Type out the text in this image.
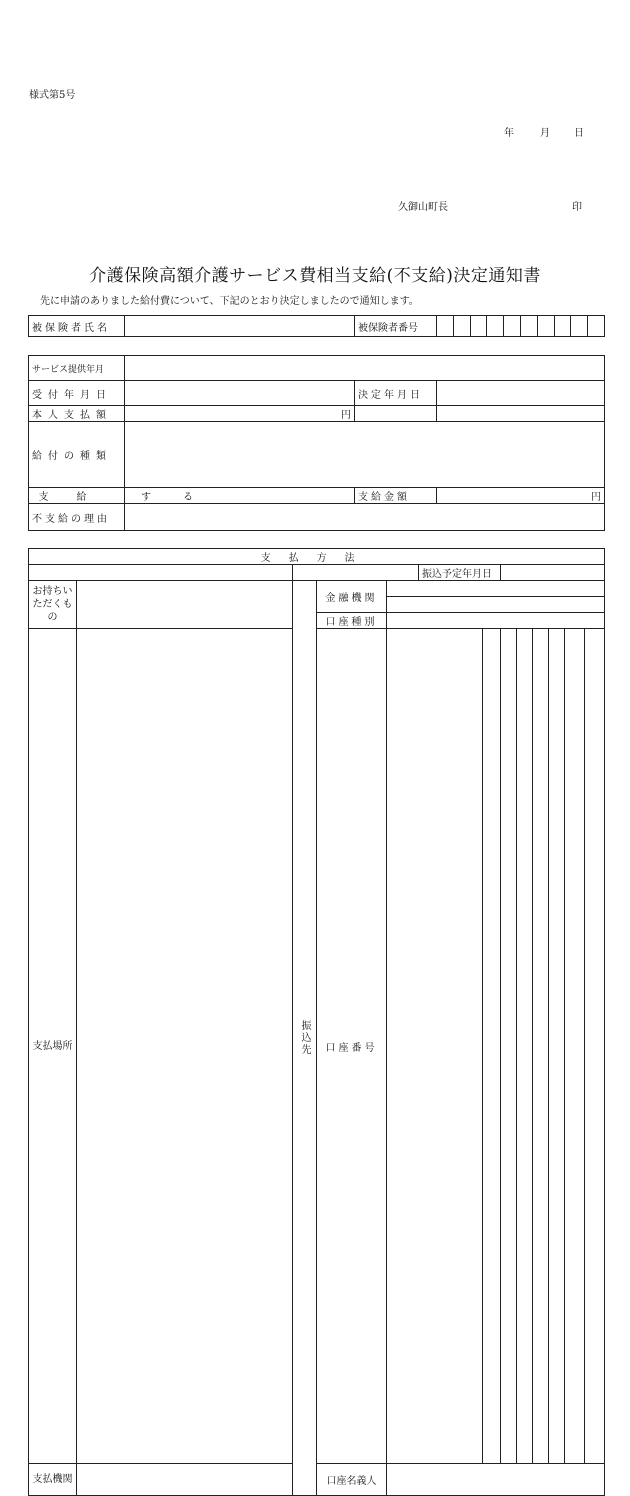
様式第5号
年	月 日
久御山町長	印
介護保険高額介護サービス費相当支給(不支給)決定通知書
先に申請のありました給付費について、下記のとおり決定しましたので通知します。
被保険者氏名		被保険者番号										
サービス提供年月	
受付年月日		決定年月日	
本人支払額	円		
給付の種類	
支給	する	支給金額	円
不支給の理由	
支払方法
		振込予定年月日	
お持ちいただくもの		振込先	金融機関	

口座種別	
支払場所		口座番号								
